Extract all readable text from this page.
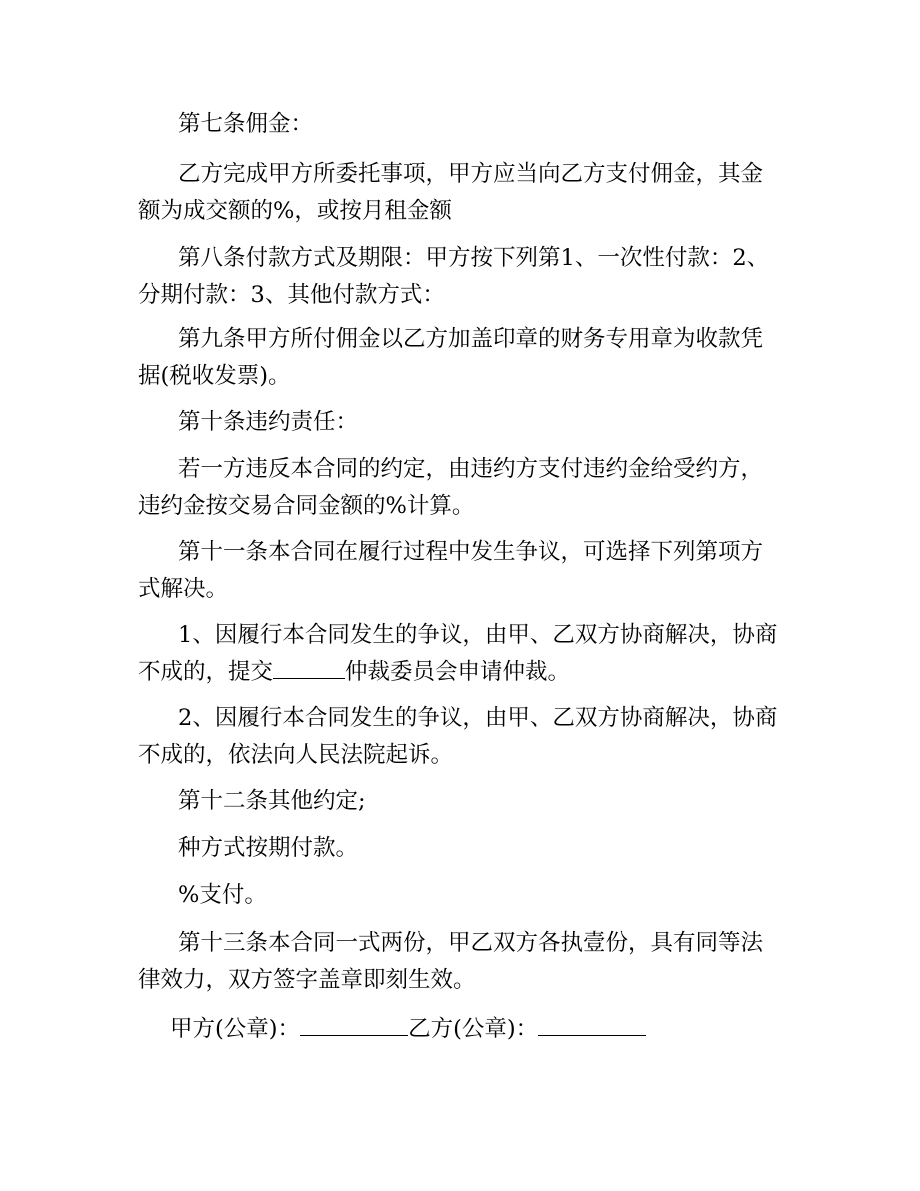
第七条佣金：

乙方完成甲方所委托事项，甲方应当向乙方支付佣金，其金额为成交额的%，或按月租金额

第八条付款方式及期限：甲方按下列第1、一次性付款：2、分期付款：3、其他付款方式：

第九条甲方所付佣金以乙方加盖印章的财务专用章为收款凭据(税收发票)。

第十条违约责任：

若一方违反本合同的约定，由违约方支付违约金给受约方，违约金按交易合同金额的%计算。

第十一条本合同在履行过程中发生争议，可选择下列第项方式解决。

1、因履行本合同发生的争议，由甲、乙双方协商解决，协商不成的，提交	仲裁委员会申请仲裁。

2、因履行本合同发生的争议，由甲、乙双方协商解决，协商不成的，依法向人民法院起诉。

第十二条其他约定;

种方式按期付款。

%支付。

第十三条本合同一式两份，甲乙双方各执壹份，具有同等法律效力，双方签字盖章即刻生效。

甲方(公章)：	乙方(公章)：
